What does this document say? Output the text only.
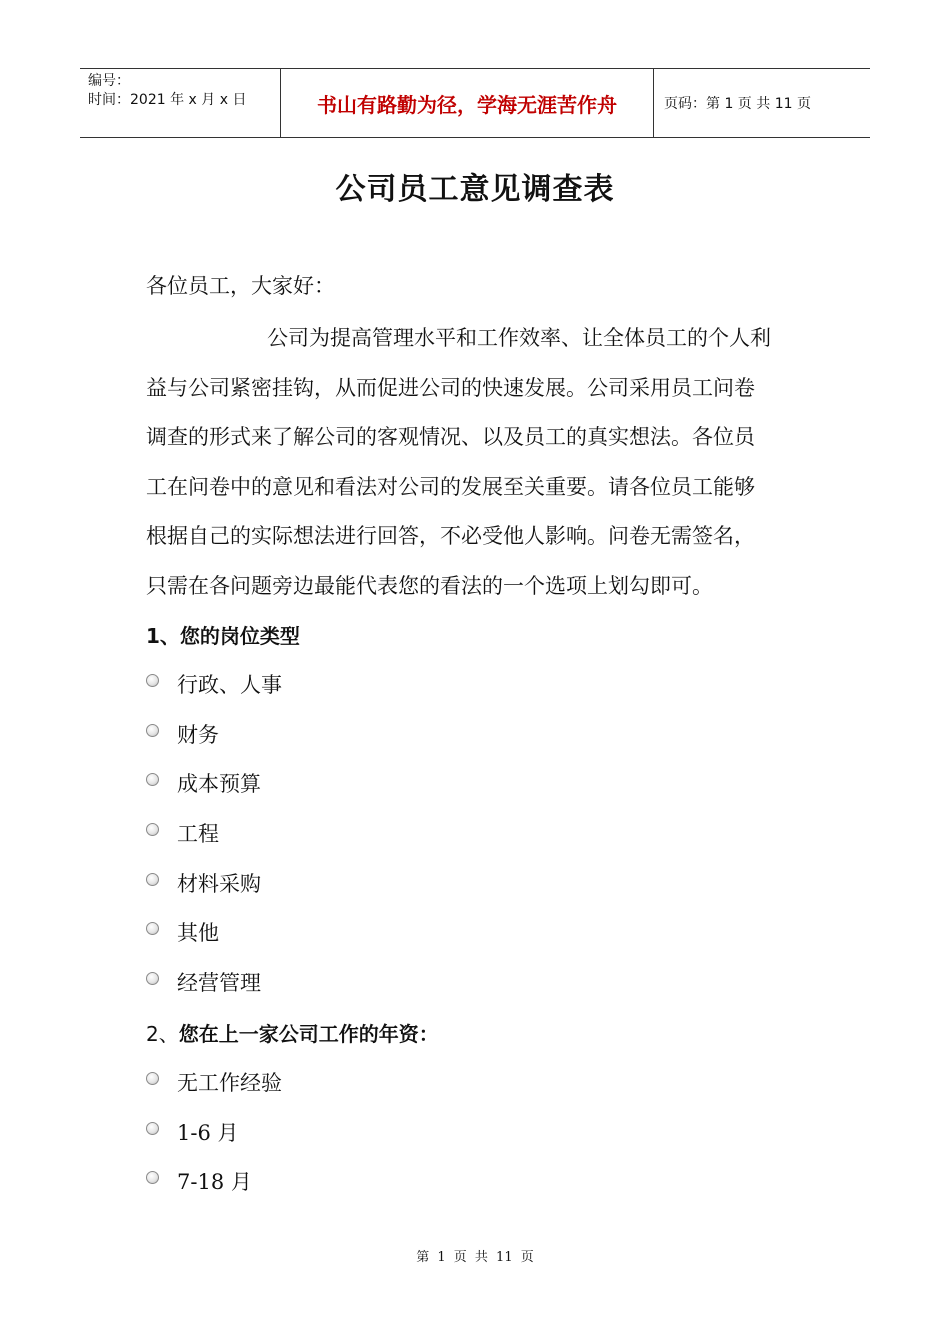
编号：
时间：2021 年 x 月 x 日	书山有路勤为径，学海无涯苦作舟	页码：第 1 页 共 11 页
公司员工意见调查表
各位员工，大家好：
公司为提高管理水平和工作效率、让全体员工的个人利
益与公司紧密挂钩，从而促进公司的快速发展。公司采用员工问卷
调查的形式来了解公司的客观情况、以及员工的真实想法。各位员
工在问卷中的意见和看法对公司的发展至关重要。请各位员工能够
根据自己的实际想法进行回答，不必受他人影响。问卷无需签名，
只需在各问题旁边最能代表您的看法的一个选项上划勾即可。
1、您的岗位类型
行政、人事
财务
成本预算
工程
材料采购
其他
经营管理
2、您在上一家公司工作的年资：
无工作经验
1-6 月
7-18 月
第 1 页 共 11 页
